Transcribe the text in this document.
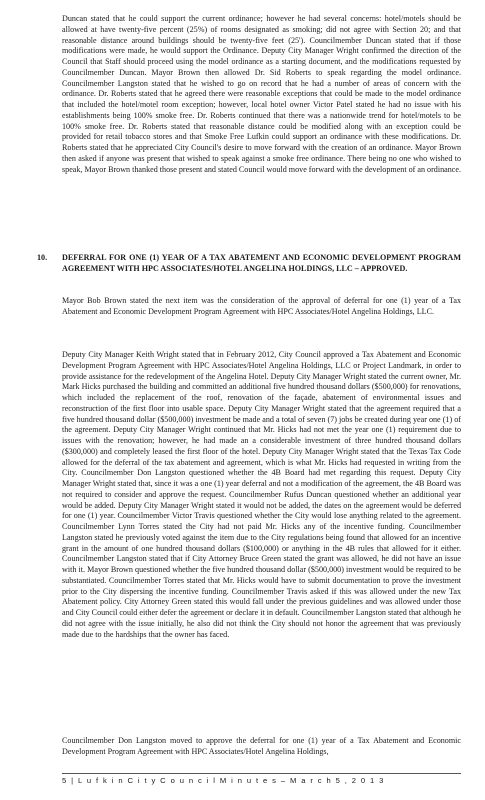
Duncan stated that he could support the current ordinance; however he had several concerns: hotel/motels should be allowed at have twenty-five percent (25%) of rooms designated as smoking; did not agree with Section 20; and that reasonable distance around buildings should be twenty-five feet (25'). Councilmember Duncan stated that if those modifications were made, he would support the Ordinance. Deputy City Manager Wright confirmed the direction of the Council that Staff should proceed using the model ordinance as a starting document, and the modifications requested by Councilmember Duncan. Mayor Brown then allowed Dr. Sid Roberts to speak regarding the model ordinance. Councilmember Langston stated that he wished to go on record that he had a number of areas of concern with the ordinance. Dr. Roberts stated that he agreed there were reasonable exceptions that could be made to the model ordinance that included the hotel/motel room exception; however, local hotel owner Victor Patel stated he had no issue with his establishments being 100% smoke free. Dr. Roberts continued that there was a nationwide trend for hotel/motels to be 100% smoke free. Dr. Roberts stated that reasonable distance could be modified along with an exception could be provided for retail tobacco stores and that Smoke Free Lufkin could support an ordinance with these modifications. Dr. Roberts stated that he appreciated City Council's desire to move forward with the creation of an ordinance. Mayor Brown then asked if anyone was present that wished to speak against a smoke free ordinance. There being no one who wished to speak, Mayor Brown thanked those present and stated Council would move forward with the development of an ordinance.

10. DEFERRAL FOR ONE (1) YEAR OF A TAX ABATEMENT AND ECONOMIC DEVELOPMENT PROGRAM AGREEMENT WITH HPC ASSOCIATES/HOTEL ANGELINA HOLDINGS, LLC – APPROVED.

Mayor Bob Brown stated the next item was the consideration of the approval of deferral for one (1) year of a Tax Abatement and Economic Development Program Agreement with HPC Associates/Hotel Angelina Holdings, LLC.

Deputy City Manager Keith Wright stated that in February 2012, City Council approved a Tax Abatement and Economic Development Program Agreement with HPC Associates/Hotel Angelina Holdings, LLC or Project Landmark, in order to provide assistance for the redevelopment of the Angelina Hotel. Deputy City Manager Wright stated the current owner, Mr. Mark Hicks purchased the building and committed an additional five hundred thousand dollars ($500,000) for renovations, which included the replacement of the roof, renovation of the façade, abatement of environmental issues and reconstruction of the first floor into usable space. Deputy City Manager Wright stated that the agreement required that a five hundred thousand dollar ($500,000) investment be made and a total of seven (7) jobs be created during year one (1) of the agreement. Deputy City Manager Wright continued that Mr. Hicks had not met the year one (1) requirement due to issues with the renovation; however, he had made an a considerable investment of three hundred thousand dollars ($300,000) and completely leased the first floor of the hotel. Deputy City Manager Wright stated that the Texas Tax Code allowed for the deferral of the tax abatement and agreement, which is what Mr. Hicks had requested in writing from the City. Councilmember Don Langston questioned whether the 4B Board had met regarding this request. Deputy City Manager Wright stated that, since it was a one (1) year deferral and not a modification of the agreement, the 4B Board was not required to consider and approve the request. Councilmember Rufus Duncan questioned whether an additional year would be added. Deputy City Manager Wright stated it would not be added, the dates on the agreement would be deferred for one (1) year. Councilmember Victor Travis questioned whether the City would lose anything related to the agreement. Councilmember Lynn Torres stated the City had not paid Mr. Hicks any of the incentive funding. Councilmember Langston stated he previously voted against the item due to the City regulations being found that allowed for an incentive grant in the amount of one hundred thousand dollars ($100,000) or anything in the 4B rules that allowed for it either. Councilmember Langston stated that if City Attorney Bruce Green stated the grant was allowed, he did not have an issue with it. Mayor Brown questioned whether the five hundred thousand dollar ($500,000) investment would be required to be substantiated. Councilmember Torres stated that Mr. Hicks would have to submit documentation to prove the investment prior to the City dispersing the incentive funding. Councilmember Travis asked if this was allowed under the new Tax Abatement policy. City Attorney Green stated this would fall under the previous guidelines and was allowed under those and City Council could either defer the agreement or declare it in default. Councilmember Langston stated that although he did not agree with the issue initially, he also did not think the City should not honor the agreement that was previously made due to the hardships that the owner has faced.

Councilmember Don Langston moved to approve the deferral for one (1) year of a Tax Abatement and Economic Development Program Agreement with HPC Associates/Hotel Angelina Holdings,

5 | L u f k i n C i t y C o u n c i l M i n u t e s – M a r c h 5 , 2 0 1 3
